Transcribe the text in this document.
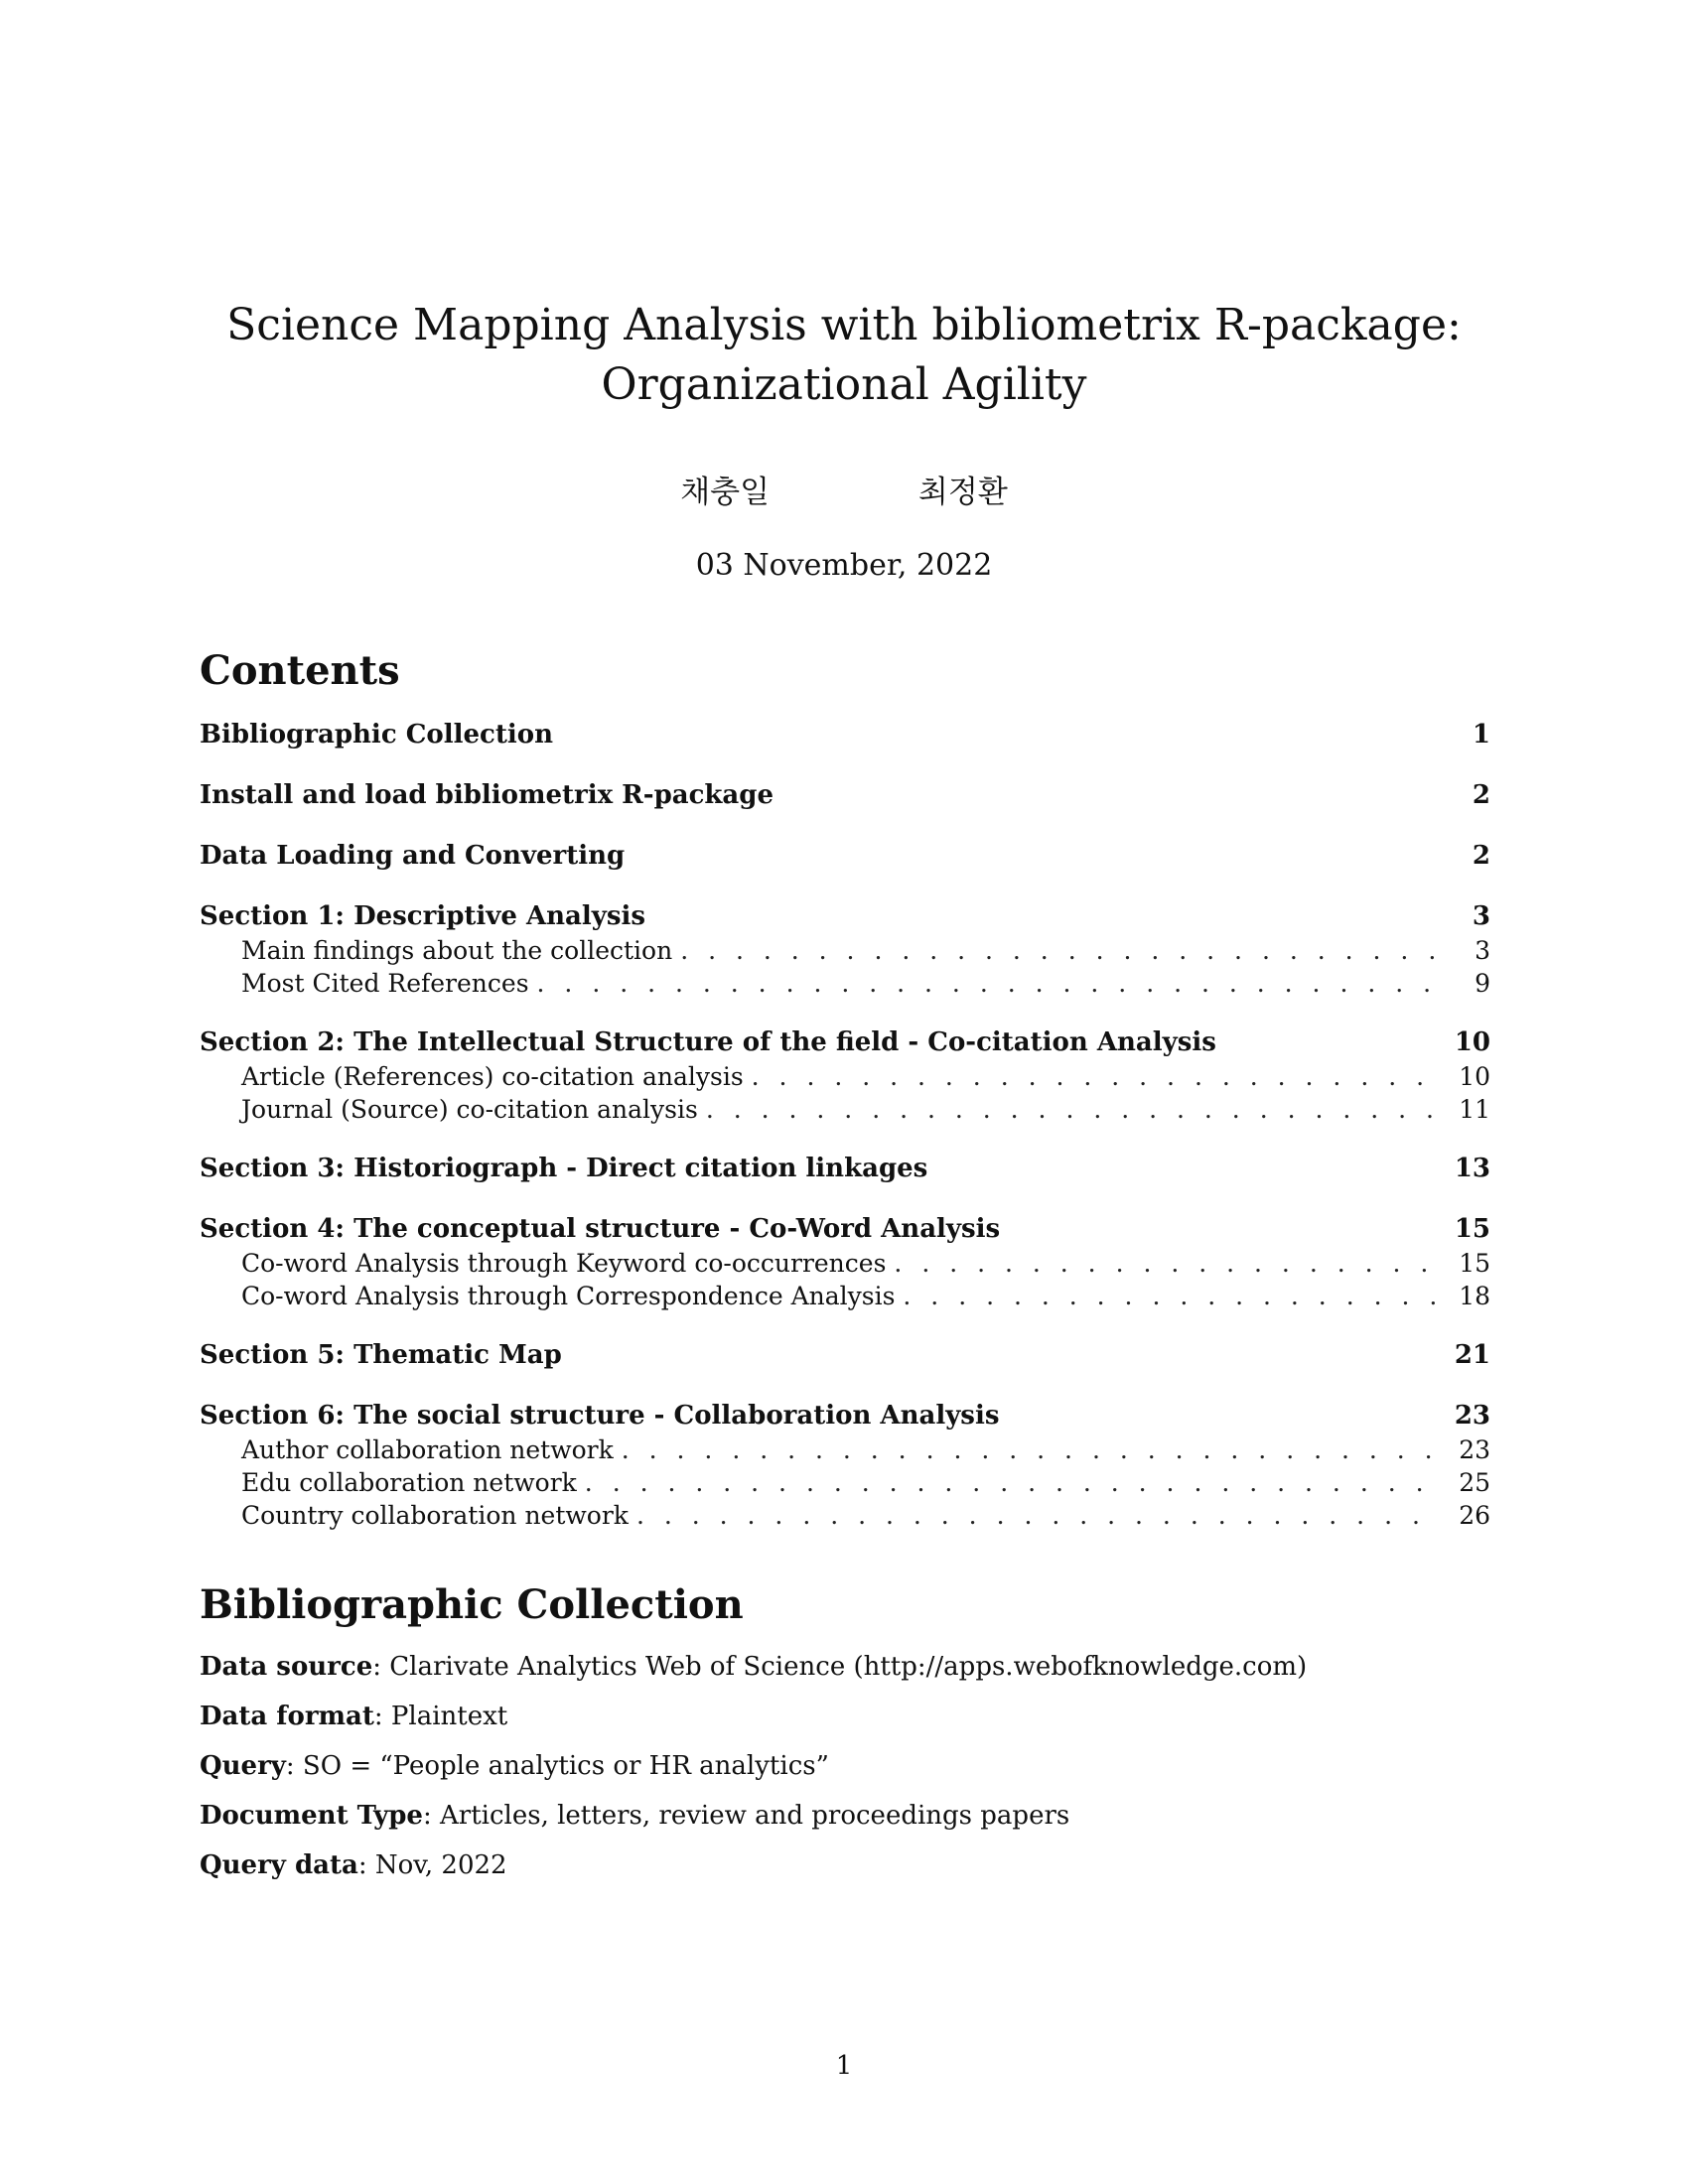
Science Mapping Analysis with bibliometrix R-package:
Organizational Agility
채충일	최정환
03 November, 2022
Contents
Bibliographic Collection	1
Install and load bibliometrix R-package	2
Data Loading and Converting	2
Section 1: Descriptive Analysis	3
Main findings about the collection . . .	3
Most Cited References . . .	9
Section 2: The Intellectual Structure of the field - Co-citation Analysis	10
Article (References) co-citation analysis . . .	10
Journal (Source) co-citation analysis . . .	11
Section 3: Historiograph - Direct citation linkages	13
Section 4: The conceptual structure - Co-Word Analysis	15
Co-word Analysis through Keyword co-occurrences . . .	15
Co-word Analysis through Correspondence Analysis . . .	18
Section 5: Thematic Map	21
Section 6: The social structure - Collaboration Analysis	23
Author collaboration network . . .	23
Edu collaboration network . . .	25
Country collaboration network . . .	26
Bibliographic Collection
Data source: Clarivate Analytics Web of Science (http://apps.webofknowledge.com)
Data format: Plaintext
Query: SO = “People analytics or HR analytics”
Document Type: Articles, letters, review and proceedings papers
Query data: Nov, 2022
1
